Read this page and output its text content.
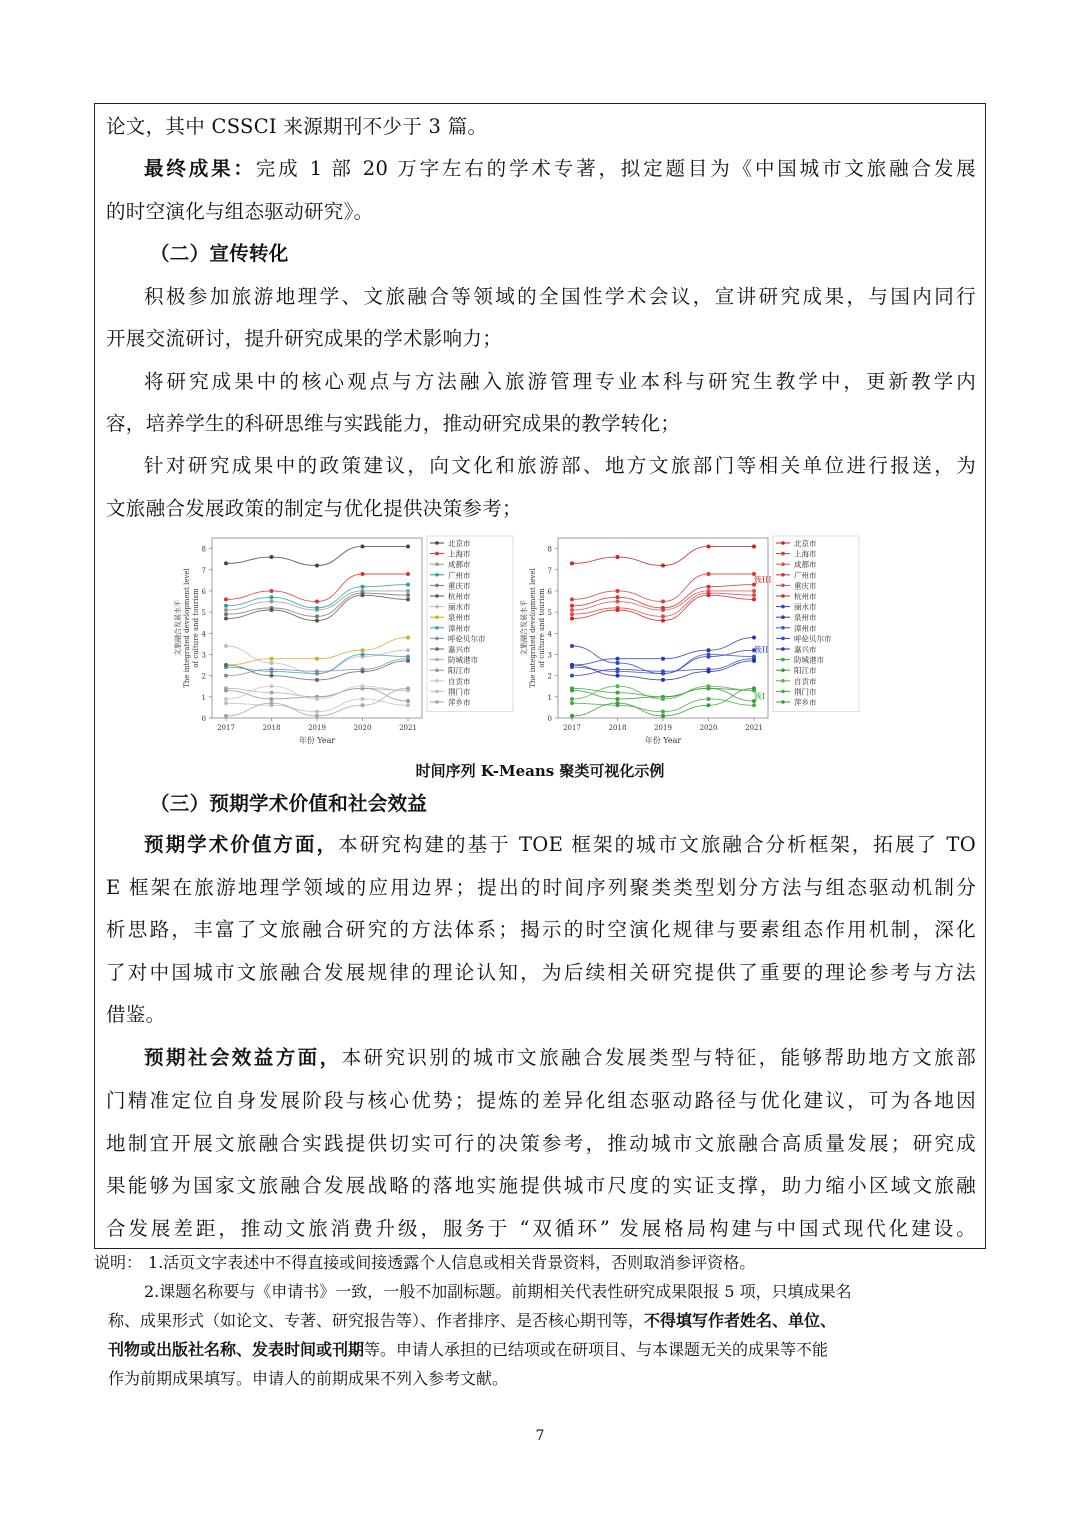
论文，其中 CSSCI 来源期刊不少于 3 篇。
最终成果：完成 1 部 20 万字左右的学术专著，拟定题目为《中国城市文旅融合发展
的时空演化与组态驱动研究》。
（二）宣传转化
积极参加旅游地理学、文旅融合等领域的全国性学术会议，宣讲研究成果，与国内同行
开展交流研讨，提升研究成果的学术影响力；
将研究成果中的核心观点与方法融入旅游管理专业本科与研究生教学中，更新教学内
容，培养学生的科研思维与实践能力，推动研究成果的教学转化；
针对研究成果中的政策建议，向文化和旅游部、地方文旅部门等相关单位进行报送，为
文旅融合发展政策的制定与优化提供决策参考；
0
1
2
3
4
5
6
7
8
2017	2018	2019	2020	2021
年份 Year
文旅融合发展水平 The integrated development level of culture and tourism
北京市
上海市
成都市
广州市
重庆市
杭州市
丽水市
泉州市
漳州市
呼伦贝尔市
嘉兴市
防城港市
阳江市
自贡市
荆门市
萍乡市
0
1
2
3
4
5
6
7
8
2017	2018	2019	2020	2021
年份 Year
文旅融合发展水平 The integrated development level of culture and tourism
簇III
簇II
簇I
北京市
上海市
成都市
广州市
重庆市
杭州市
丽水市
泉州市
漳州市
呼伦贝尔市
嘉兴市
防城港市
阳江市
自贡市
荆门市
萍乡市
时间序列 K-Means 聚类可视化示例
（三）预期学术价值和社会效益
预期学术价值方面，本研究构建的基于 TOE 框架的城市文旅融合分析框架，拓展了 TO
E 框架在旅游地理学领域的应用边界；提出的时间序列聚类类型划分方法与组态驱动机制分
析思路，丰富了文旅融合研究的方法体系；揭示的时空演化规律与要素组态作用机制，深化
了对中国城市文旅融合发展规律的理论认知，为后续相关研究提供了重要的理论参考与方法
借鉴。
预期社会效益方面，本研究识别的城市文旅融合发展类型与特征，能够帮助地方文旅部
门精准定位自身发展阶段与核心优势；提炼的差异化组态驱动路径与优化建议，可为各地因
地制宜开展文旅融合实践提供切实可行的决策参考，推动城市文旅融合高质量发展；研究成
果能够为国家文旅融合发展战略的落地实施提供城市尺度的实证支撑，助力缩小区域文旅融
合发展差距，推动文旅消费升级，服务于 “双循环” 发展格局构建与中国式现代化建设。
说明： 1.活页文字表述中不得直接或间接透露个人信息或相关背景资料，否则取消参评资格。
2.课题名称要与《申请书》一致，一般不加副标题。前期相关代表性研究成果限报 5 项，只填成果名
称、成果形式（如论文、专著、研究报告等）、作者排序、是否核心期刊等，不得填写作者姓名、单位、
刊物或出版社名称、发表时间或刊期等。申请人承担的已结项或在研项目、与本课题无关的成果等不能
作为前期成果填写。申请人的前期成果不列入参考文献。
7
